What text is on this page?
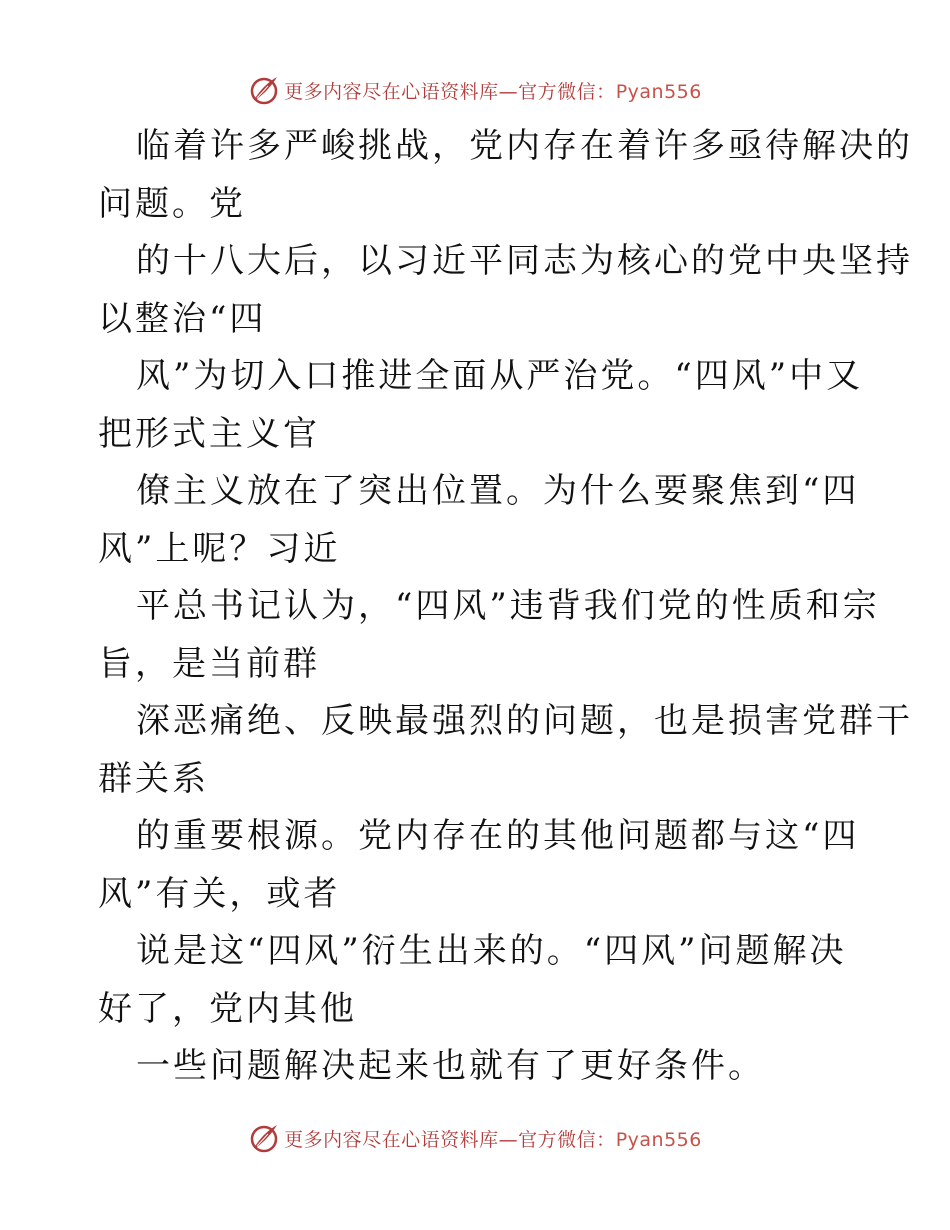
更多内容尽在心语资料库—官方微信：Pyan556

临着许多严峻挑战，党内存在着许多亟待解决的

问题。党

的十八大后，以习近平同志为核心的党中央坚持

以整治“四

风”为切入口推进全面从严治党。“四风”中又

把形式主义官

僚主义放在了突出位置。为什么要聚焦到“四

风”上呢？习近

平总书记认为，“四风”违背我们党的性质和宗

旨，是当前群

深恶痛绝、反映最强烈的问题，也是损害党群干

群关系

的重要根源。党内存在的其他问题都与这“四

风”有关，或者

说是这“四风”衍生出来的。“四风”问题解决

好了，党内其他

一些问题解决起来也就有了更好条件。

更多内容尽在心语资料库—官方微信：Pyan556
